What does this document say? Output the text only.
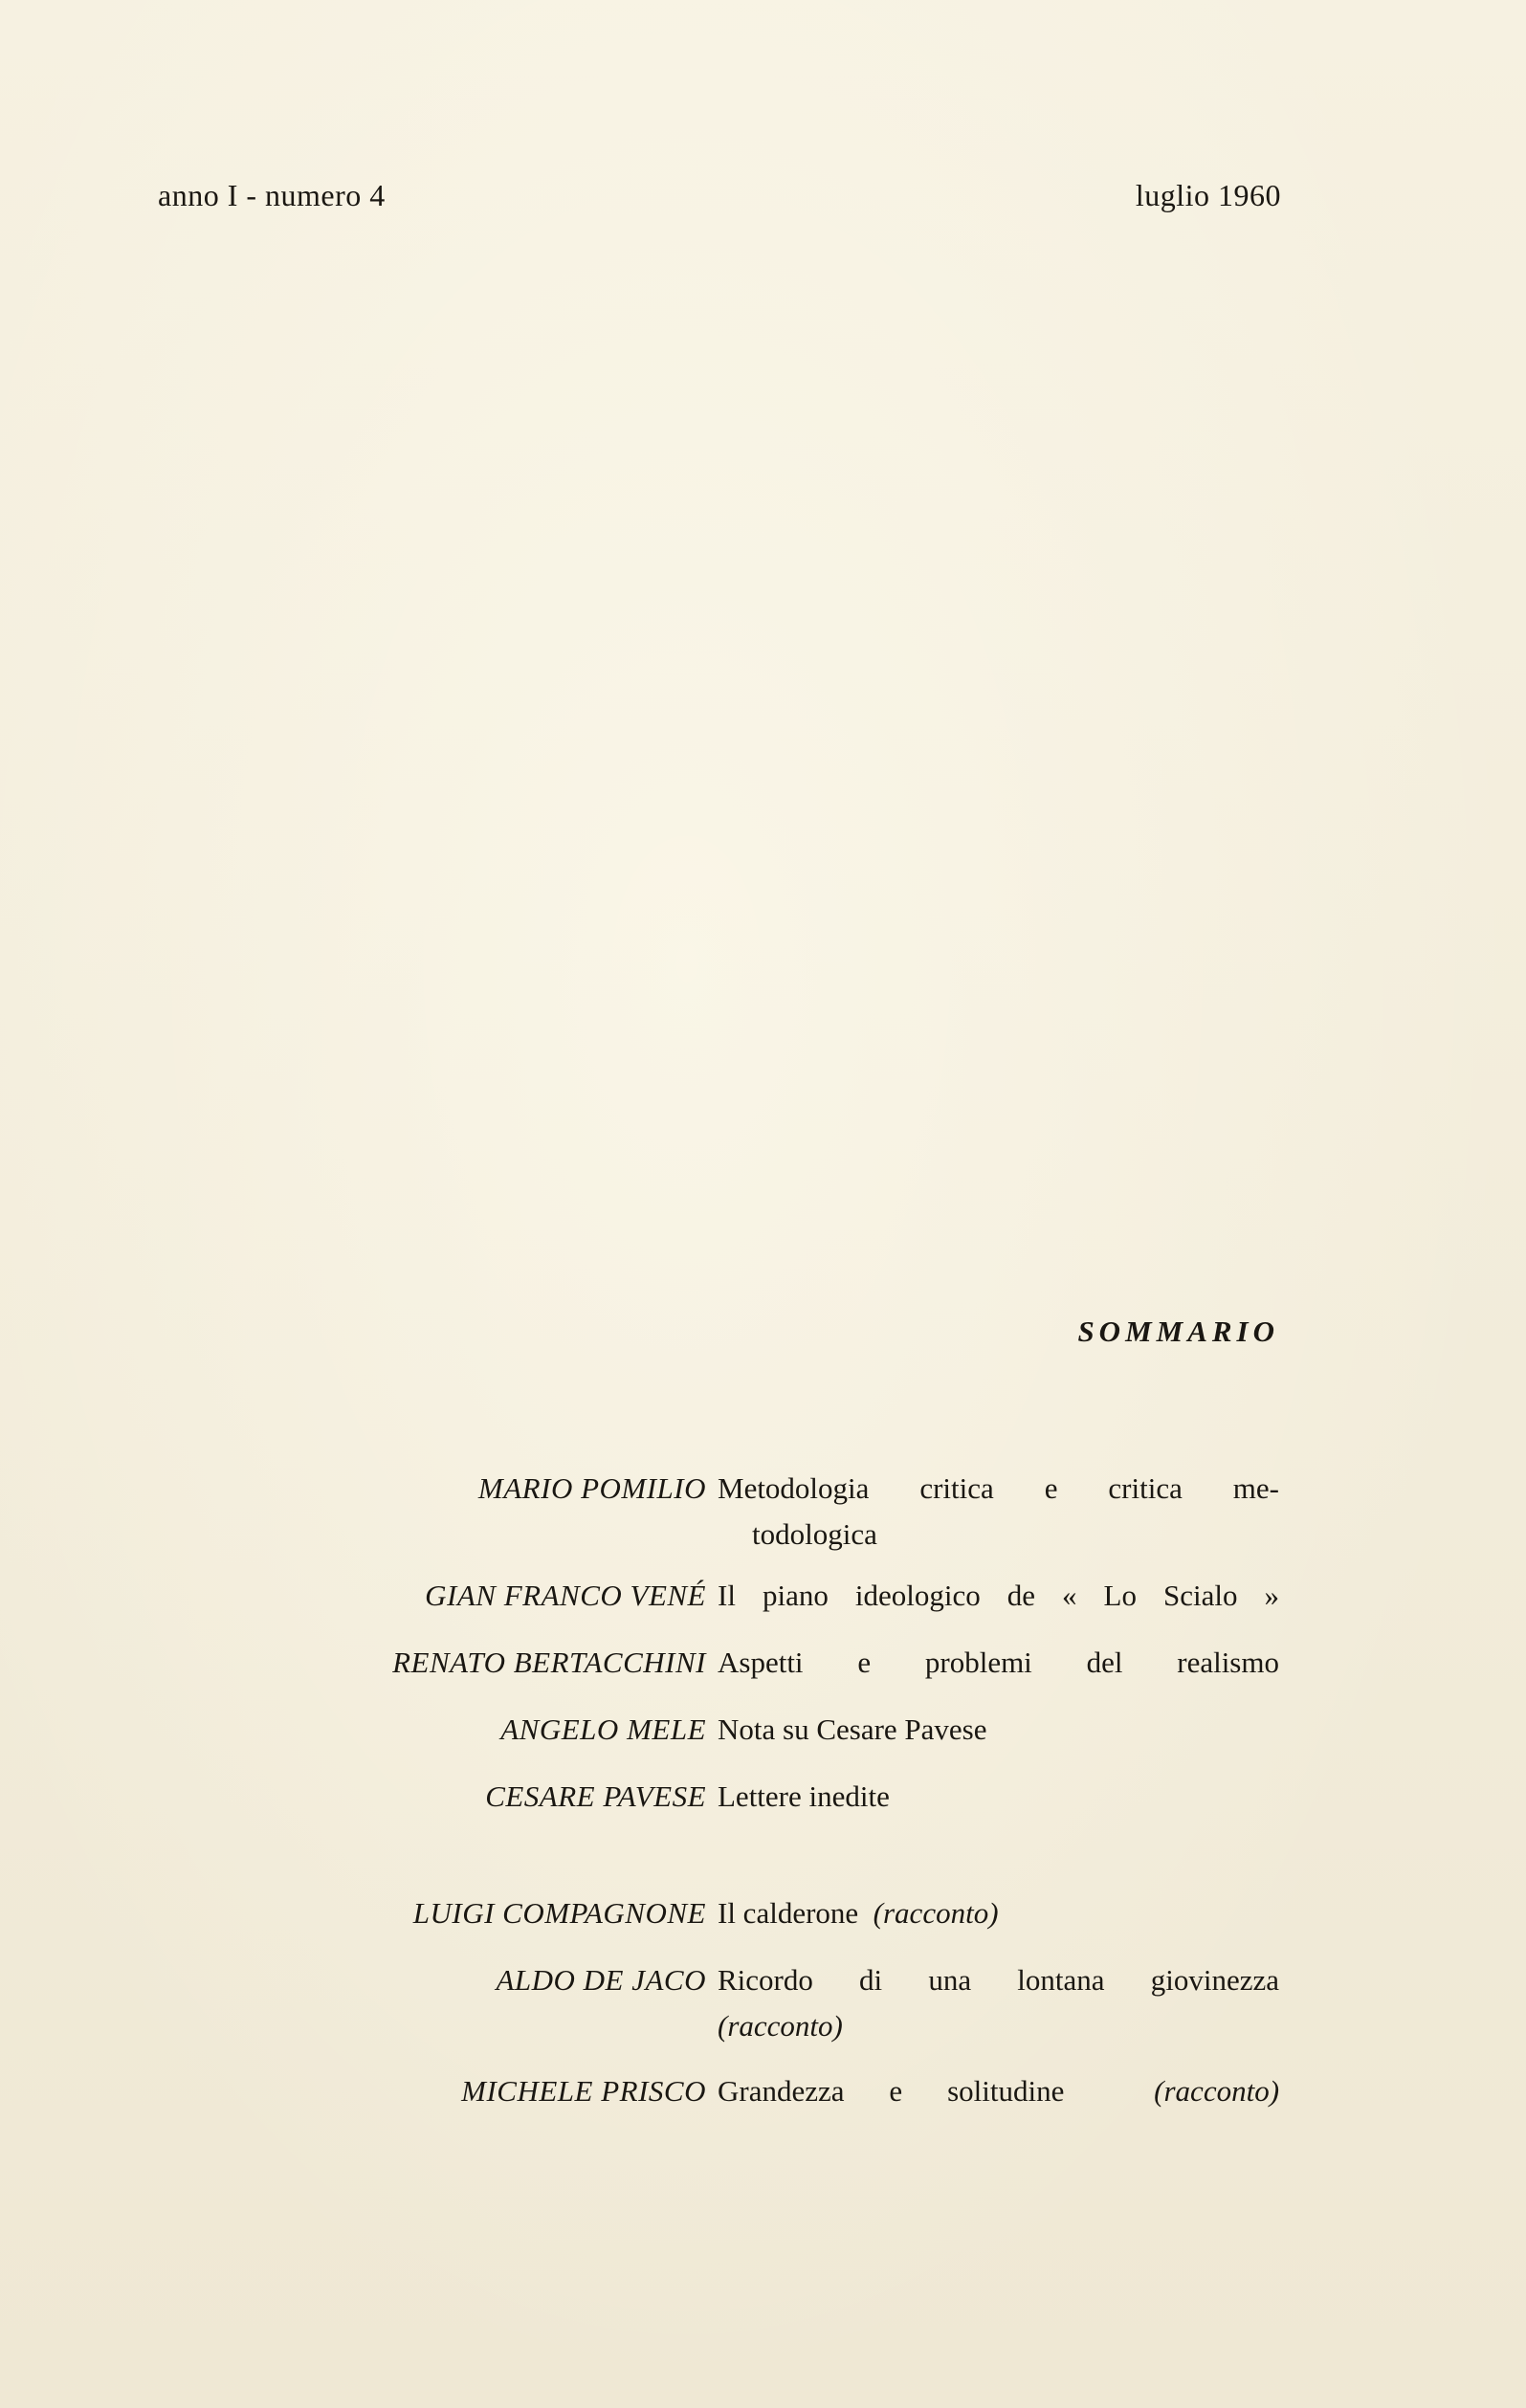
anno I - numero 4	luglio 1960
SOMMARIO
MARIO POMILIO Metodologia critica e critica me-
todologica
GIAN FRANCO VENÉ Il piano ideologico de « Lo Scialo »
RENATO BERTACCHINI Aspetti e problemi del realismo
ANGELO MELE Nota su Cesare Pavese
CESARE PAVESE Lettere inedite
LUIGI COMPAGNONE Il calderone (racconto)
ALDO DE JACO Ricordo di una lontana giovinezza
(racconto)
MICHELE PRISCO Grandezza e solitudine	(racconto)
